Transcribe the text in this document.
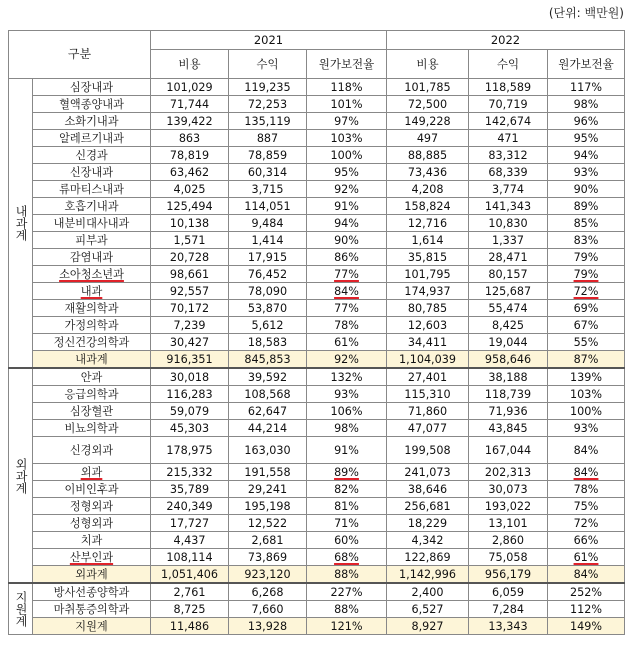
(단위: 백만원)
구분		2021			2022		
		비용	수익	원가보전율	비용	수익	원가보전율

내과계	심장내과	101,029	119,235	118%	101,785	118,589	117%
	혈액종양내과	71,744	72,253	101%	72,500	70,719	98%
	소화기내과	139,422	135,119	97%	149,228	142,674	96%
	알레르기내과	863	887	103%	497	471	95%
	신경과	78,819	78,859	100%	88,885	83,312	94%
	신장내과	63,462	60,314	95%	73,436	68,339	93%
	류마티스내과	4,025	3,715	92%	4,208	3,774	90%
	호흡기내과	125,494	114,051	91%	158,824	141,343	89%
	내분비대사내과	10,138	9,484	94%	12,716	10,830	85%
	피부과	1,571	1,414	90%	1,614	1,337	83%
	감염내과	20,728	17,915	86%	35,815	28,471	79%
	소아청소년과	98,661	76,452	77%	101,795	80,157	79%
	내과	92,557	78,090	84%	174,937	125,687	72%
	재활의학과	70,172	53,870	77%	80,785	55,474	69%
	가정의학과	7,239	5,612	78%	12,603	8,425	67%
	정신건강의학과	30,427	18,583	61%	34,411	19,044	55%
	내과계	916,351	845,853	92%	1,104,039	958,646	87%

외과계	안과	30,018	39,592	132%	27,401	38,188	139%
	응급의학과	116,283	108,568	93%	115,310	118,739	103%
	심장혈관	59,079	62,647	106%	71,860	71,936	100%
	비뇨의학과	45,303	44,214	98%	47,077	43,845	93%
	신경외과	178,975	163,030	91%	199,508	167,044	84%
	외과	215,332	191,558	89%	241,073	202,313	84%
	이비인후과	35,789	29,241	82%	38,646	30,073	78%
	정형외과	240,349	195,198	81%	256,681	193,022	75%
	성형외과	17,727	12,522	71%	18,229	13,101	72%
	치과	4,437	2,681	60%	4,342	2,860	66%
	산부인과	108,114	73,869	68%	122,869	75,058	61%
	외과계	1,051,406	923,120	88%	1,142,996	956,179	84%

지원계	방사선종양학과	2,761	6,268	227%	2,400	6,059	252%
	마취통증의학과	8,725	7,660	88%	6,527	7,284	112%
	지원계	11,486	13,928	121%	8,927	13,343	149%
